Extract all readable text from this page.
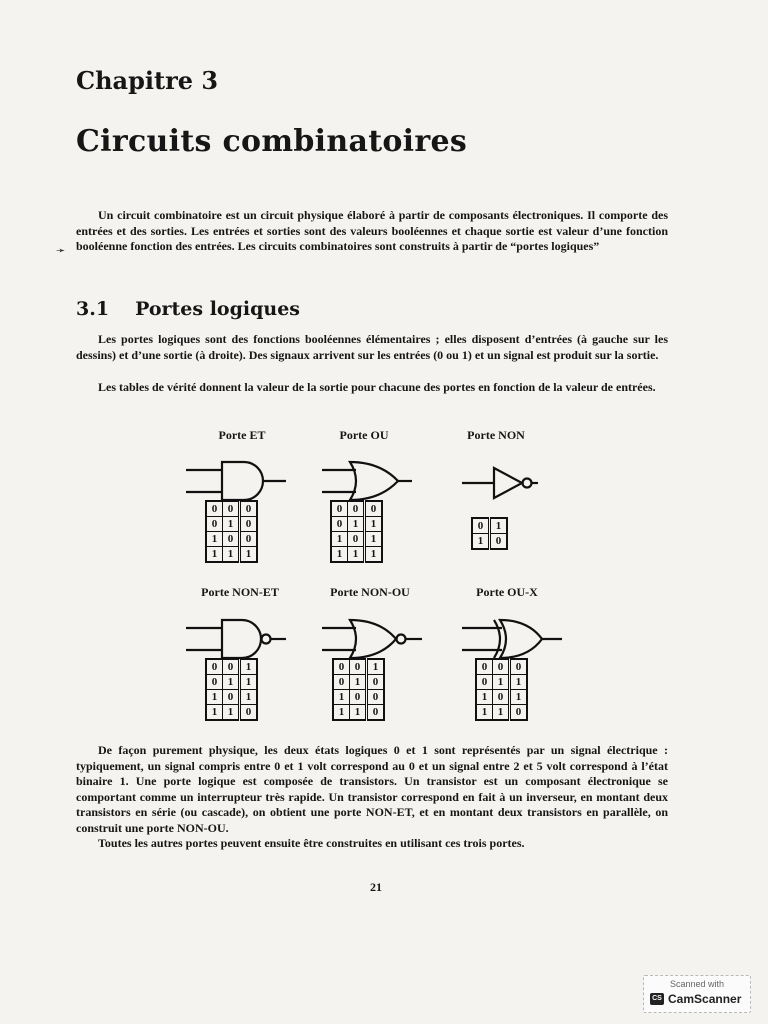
Chapitre 3
Circuits combinatoires
➛
Un circuit combinatoire est un circuit physique élaboré à partir de composants électroniques. Il comporte des entrées et des sorties. Les entrées et sorties sont des valeurs booléennes et chaque sortie est valeur d’une fonction booléenne fonction des entrées. Les circuits combinatoires sont construits à partir de “portes logiques”
3.1 Portes logiques
Les portes logiques sont des fonctions booléennes élémentaires ; elles disposent d’entrées (à gauche sur les dessins) et d’une sortie (à droite). Des signaux arrivent sur les entrées (0 ou 1) et un signal est produit sur la sortie.
Les tables de vérité donnent la valeur de la sortie pour chacune des portes en fonction de la valeur de entrées.
Porte ET	Porte OU	Porte NON
0	0	0
0	1	0
1	0	0
1	1	1
0	0	0
0	1	1
1	0	1
1	1	1
0	1
1	0
Porte NON-ET	Porte NON-OU	Porte OU-X
0	0	1
0	1	1
1	0	1
1	1	0
0	0	1
0	1	0
1	0	0
1	1	0
0	0	0
0	1	1
1	0	1
1	1	0
De façon purement physique, les deux états logiques 0 et 1 sont représentés par un signal électrique : typiquement, un signal compris entre 0 et 1 volt correspond au 0 et un signal entre 2 et 5 volt correspond à l’état binaire 1. Une porte logique est composée de transistors. Un transistor est un composant électronique se comportant comme un interrupteur très rapide. Un transistor correspond en fait à un inverseur, en montant deux transistors en série (ou cascade), on obtient une porte NON-ET, et en montant deux transistors en parallèle, on construit une porte NON-OU.
Toutes les autres portes peuvent ensuite être construites en utilisant ces trois portes.
21
Scanned with
CS CamScanner
